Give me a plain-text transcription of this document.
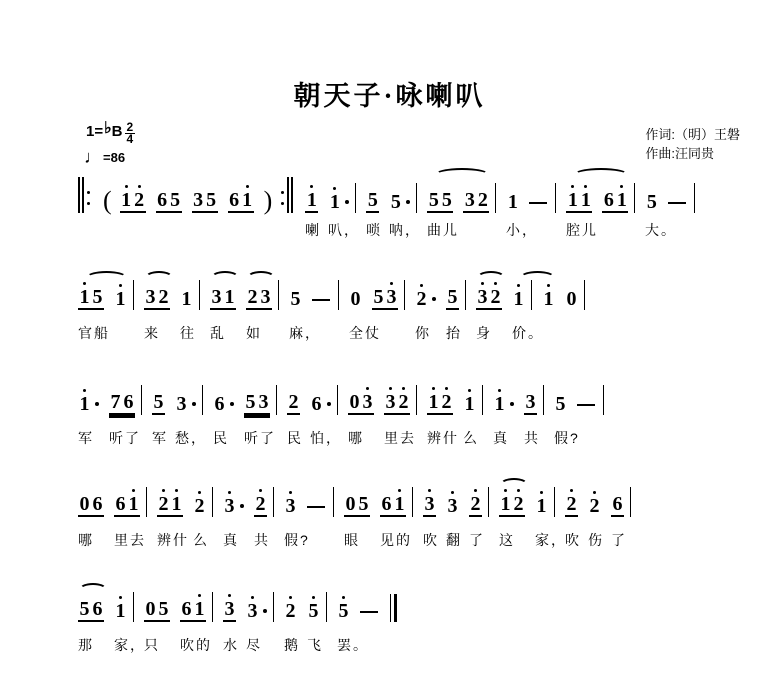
朝天子·咏喇叭
作词:（明）王磐
作曲:汪同贵
1= ♭ B $\frac{2}{4}$
♩ =86
( 1 2 6 5 3 5 6 1 ) 1 1 5 5 5 5 3 2 1	1 1 6 1 5
喇 叭， 唢 呐， 曲儿	小， 腔儿	大。
1 5 1 3 2 1 3 1 2 3 5	0 5 3 2 5 3 2 1 1 0
官船 来 往 乱 如 麻， 全仗 你 抬 身 价。
1 7 6 5 3 6 5 3 2 6 0 3 3 2 1 2 1 1 3 5
军 听了 军 愁， 民 听了 民 怕， 哪 里去 辨什 么 真 共 假?
0 6 6 1 2 1 2 3 2 3	0 5 6 1 3 3 2 1 2 1 2 2 6
哪 里去 辨什 么 真 共 假? 眼 见的 吹 翻 了 这 家，
吹 伤 了
5 6 1 0 5 6 1 3 3 2 5 5
那 家，
只 吹的 水 尽 鹅 飞 罢。
